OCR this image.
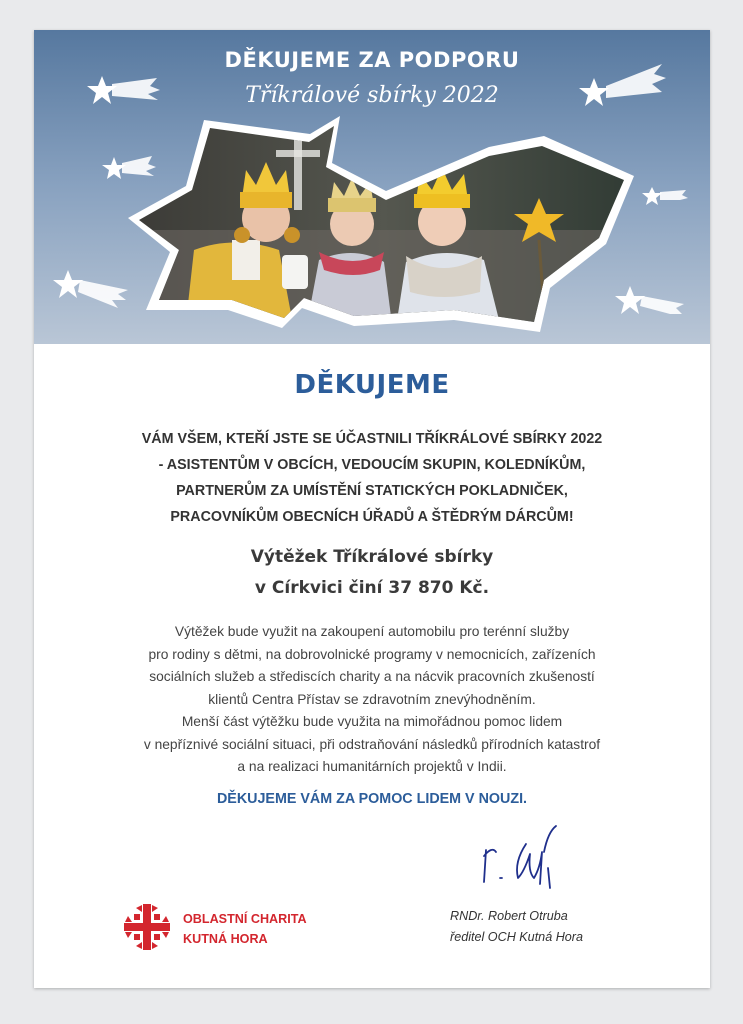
DĚKUJEME ZA PODPORU
Tříkrálové sbírky 2022
DĚKUJEME
VÁM VŠEM, KTEŘÍ JSTE SE ÚČASTNILI TŘÍKRÁLOVÉ SBÍRKY 2022
- ASISTENTŮM V OBCÍCH, VEDOUCÍM SKUPIN, KOLEDNÍKŮM,
PARTNERŮM ZA UMÍSTĚNÍ STATICKÝCH POKLADNIČEK,
PRACOVNÍKŮM OBECNÍCH ÚŘADŮ A ŠTĚDRÝM DÁRCŮM!
Výtěžek Tříkrálové sbírky
v Církvici činí 37 870 Kč.
Výtěžek bude využit na zakoupení automobilu pro terénní služby
pro rodiny s dětmi, na dobrovolnické programy v nemocnicích, zařízeních
sociálních služeb a střediscích charity a na nácvik pracovních zkušeností
klientů Centra Přístav se zdravotním znevýhodněním.
Menší část výtěžku bude využita na mimořádnou pomoc lidem
v nepříznivé sociální situaci, při odstraňování následků přírodních katastrof
a na realizaci humanitárních projektů v Indii.
DĚKUJEME VÁM ZA POMOC LIDEM V NOUZI.
OBLASTNÍ CHARITA
KUTNÁ HORA
RNDr. Robert Otruba
ředitel OCH Kutná Hora
